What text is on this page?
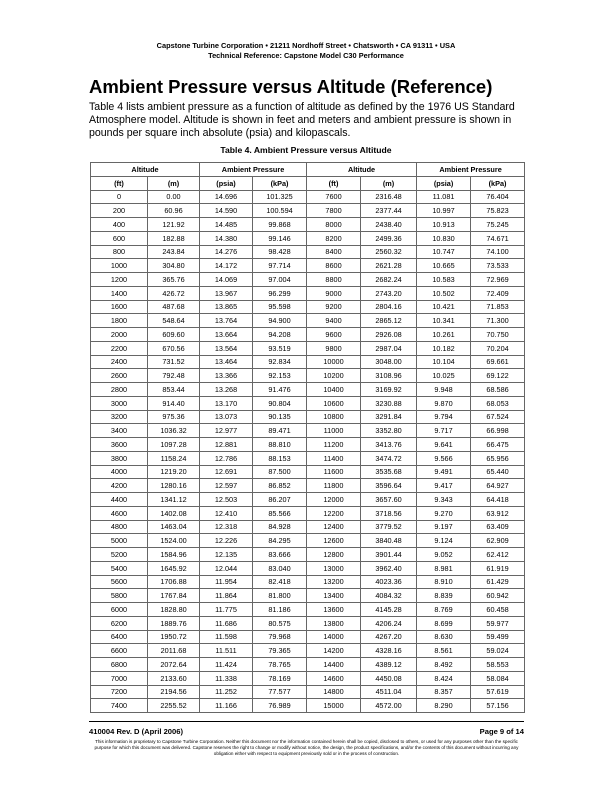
Capstone Turbine Corporation • 21211 Nordhoff Street • Chatsworth • CA 91311 • USA
Technical Reference: Capstone Model C30 Performance
Ambient Pressure versus Altitude (Reference)

Table 4 lists ambient pressure as a function of altitude as defined by the 1976 US Standard Atmosphere model. Altitude is shown in feet and meters and ambient pressure is shown in pounds per square inch absolute (psia) and kilopascals.

Table 4. Ambient Pressure versus Altitude
Altitude		Ambient Pressure		Altitude		Ambient Pressure	
(ft)	(m)	(psia)	(kPa)	(ft)	(m)	(psia)	(kPa)
0	0.00	14.696	101.325	7600	2316.48	11.081	76.404
200	60.96	14.590	100.594	7800	2377.44	10.997	75.823
400	121.92	14.485	99.868	8000	2438.40	10.913	75.245
600	182.88	14.380	99.146	8200	2499.36	10.830	74.671
800	243.84	14.276	98.428	8400	2560.32	10.747	74.100
1000	304.80	14.172	97.714	8600	2621.28	10.665	73.533
1200	365.76	14.069	97.004	8800	2682.24	10.583	72.969
1400	426.72	13.967	96.299	9000	2743.20	10.502	72.409
1600	487.68	13.865	95.598	9200	2804.16	10.421	71.853
1800	548.64	13.764	94.900	9400	2865.12	10.341	71.300
2000	609.60	13.664	94.208	9600	2926.08	10.261	70.750
2200	670.56	13.564	93.519	9800	2987.04	10.182	70.204
2400	731.52	13.464	92.834	10000	3048.00	10.104	69.661
2600	792.48	13.366	92.153	10200	3108.96	10.025	69.122
2800	853.44	13.268	91.476	10400	3169.92	9.948	68.586
3000	914.40	13.170	90.804	10600	3230.88	9.870	68.053
3200	975.36	13.073	90.135	10800	3291.84	9.794	67.524
3400	1036.32	12.977	89.471	11000	3352.80	9.717	66.998
3600	1097.28	12.881	88.810	11200	3413.76	9.641	66.475
3800	1158.24	12.786	88.153	11400	3474.72	9.566	65.956
4000	1219.20	12.691	87.500	11600	3535.68	9.491	65.440
4200	1280.16	12.597	86.852	11800	3596.64	9.417	64.927
4400	1341.12	12.503	86.207	12000	3657.60	9.343	64.418
4600	1402.08	12.410	85.566	12200	3718.56	9.270	63.912
4800	1463.04	12.318	84.928	12400	3779.52	9.197	63.409
5000	1524.00	12.226	84.295	12600	3840.48	9.124	62.909
5200	1584.96	12.135	83.666	12800	3901.44	9.052	62.412
5400	1645.92	12.044	83.040	13000	3962.40	8.981	61.919
5600	1706.88	11.954	82.418	13200	4023.36	8.910	61.429
5800	1767.84	11.864	81.800	13400	4084.32	8.839	60.942
6000	1828.80	11.775	81.186	13600	4145.28	8.769	60.458
6200	1889.76	11.686	80.575	13800	4206.24	8.699	59.977
6400	1950.72	11.598	79.968	14000	4267.20	8.630	59.499
6600	2011.68	11.511	79.365	14200	4328.16	8.561	59.024
6800	2072.64	11.424	78.765	14400	4389.12	8.492	58.553
7000	2133.60	11.338	78.169	14600	4450.08	8.424	58.084
7200	2194.56	11.252	77.577	14800	4511.04	8.357	57.619
7400	2255.52	11.166	76.989	15000	4572.00	8.290	57.156
410004 Rev. D (April 2006)	Page 9 of 14
This information is proprietary to Capstone Turbine Corporation. Neither this document nor the information contained herein shall be copied, disclosed to others, or used for any purposes other than the specific purpose for which this document was delivered. Capstone reserves the right to change or modify without notice, the design, the product specifications, and/or the contents of this document without incurring any obligation either with respect to equipment previously sold or in the process of construction.
